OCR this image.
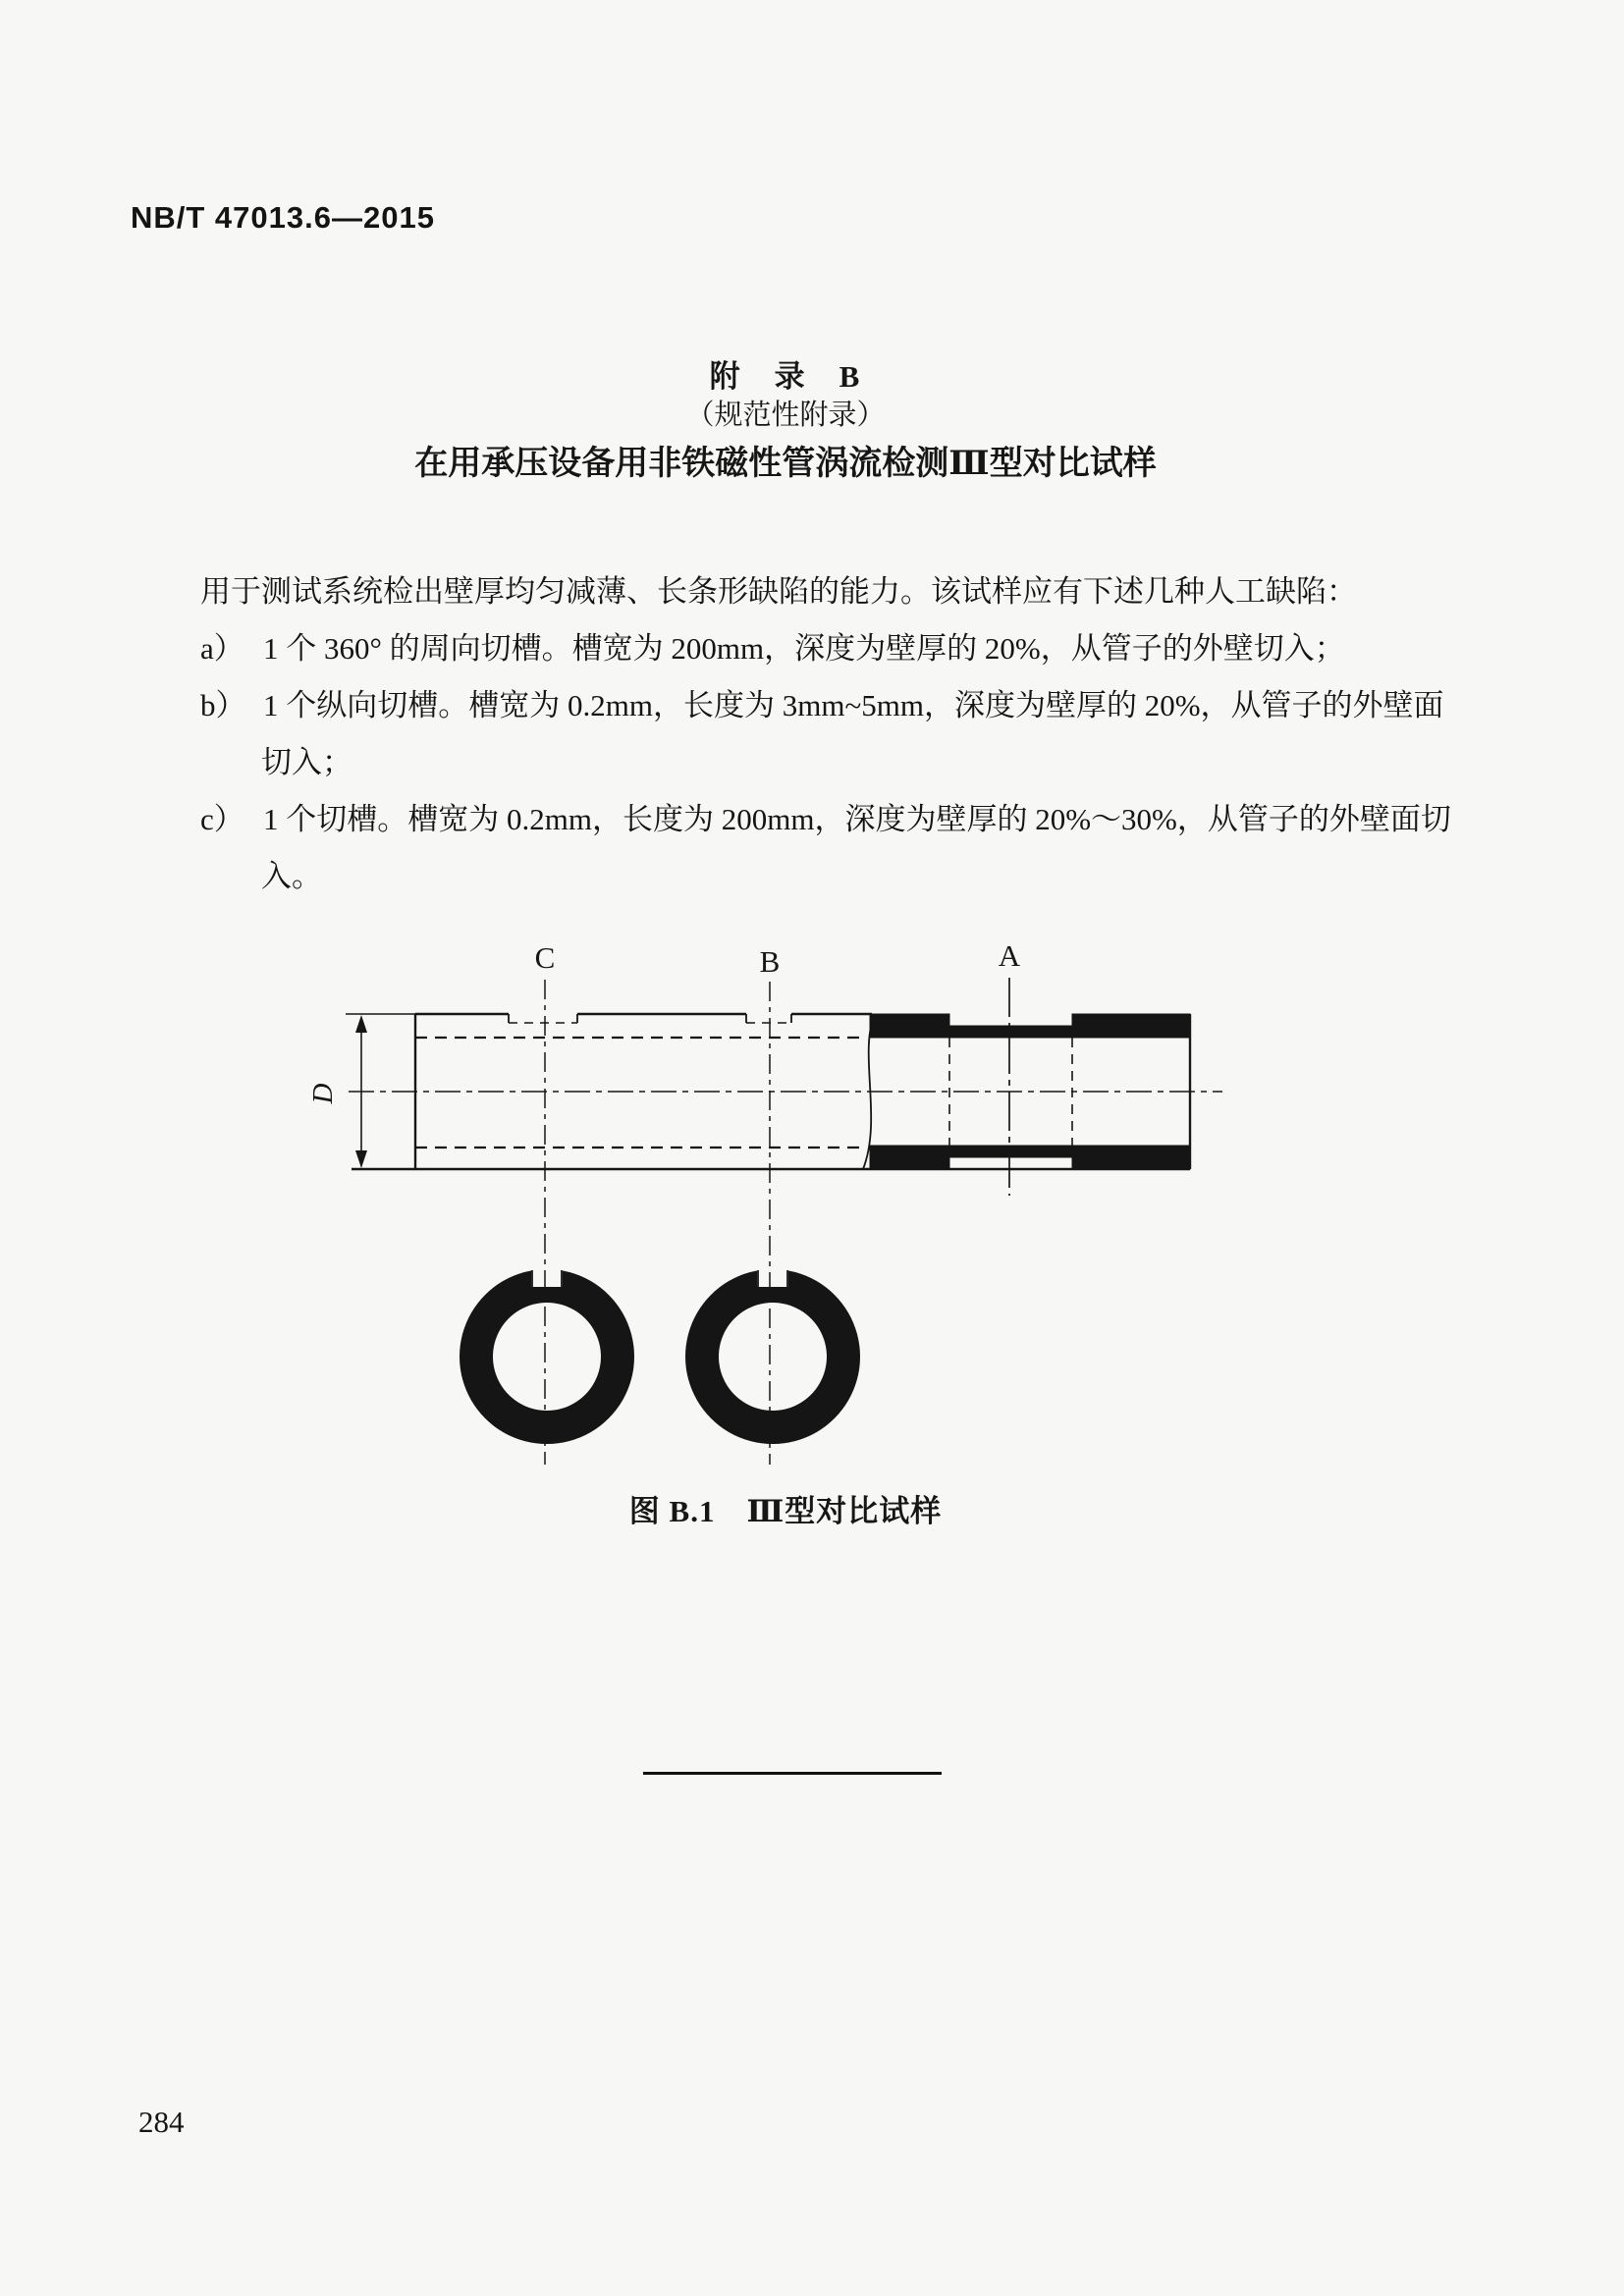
NB/T 47013.6—2015
附　录　B
（规范性附录）
在用承压设备用非铁磁性管涡流检测Ⅲ型对比试样
用于测试系统检出壁厚均匀减薄、长条形缺陷的能力。该试样应有下述几种人工缺陷：
a） 1 个 360° 的周向切槽。槽宽为 200mm，深度为壁厚的 20%，从管子的外壁切入；
b） 1 个纵向切槽。槽宽为 0.2mm，长度为 3mm~5mm，深度为壁厚的 20%，从管子的外壁面
切入；
c） 1 个切槽。槽宽为 0.2mm，长度为 200mm，深度为壁厚的 20%～30%，从管子的外壁面切
入。
C	B	A
D
图 B.1　Ⅲ型对比试样
284
